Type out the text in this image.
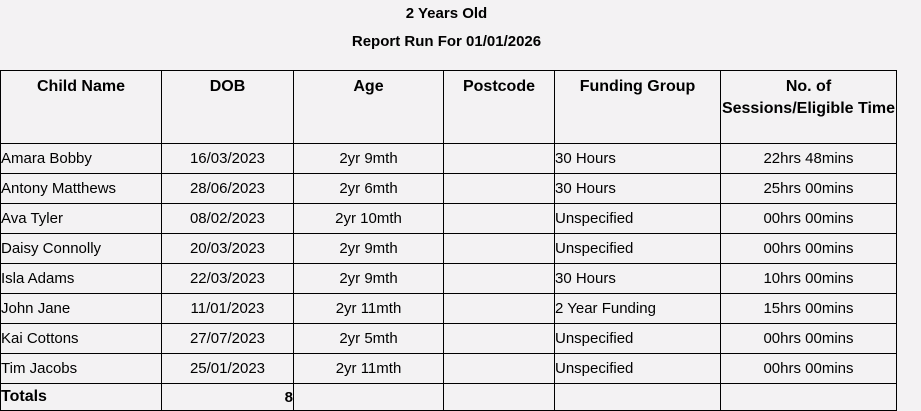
2 Years Old
Report Run For 01/01/2026
Child Name	DOB	Age	Postcode	Funding Group	No. of Sessions/Eligible Time
Amara Bobby	16/03/2023	2yr 9mth		30 Hours	22hrs 48mins
Antony Matthews	28/06/2023	2yr 6mth		30 Hours	25hrs 00mins
Ava Tyler	08/02/2023	2yr 10mth		Unspecified	00hrs 00mins
Daisy Connolly	20/03/2023	2yr 9mth		Unspecified	00hrs 00mins
Isla Adams	22/03/2023	2yr 9mth		30 Hours	10hrs 00mins
John Jane	11/01/2023	2yr 11mth		2 Year Funding	15hrs 00mins
Kai Cottons	27/07/2023	2yr 5mth		Unspecified	00hrs 00mins
Tim Jacobs	25/01/2023	2yr 11mth		Unspecified	00hrs 00mins
Totals	8				
